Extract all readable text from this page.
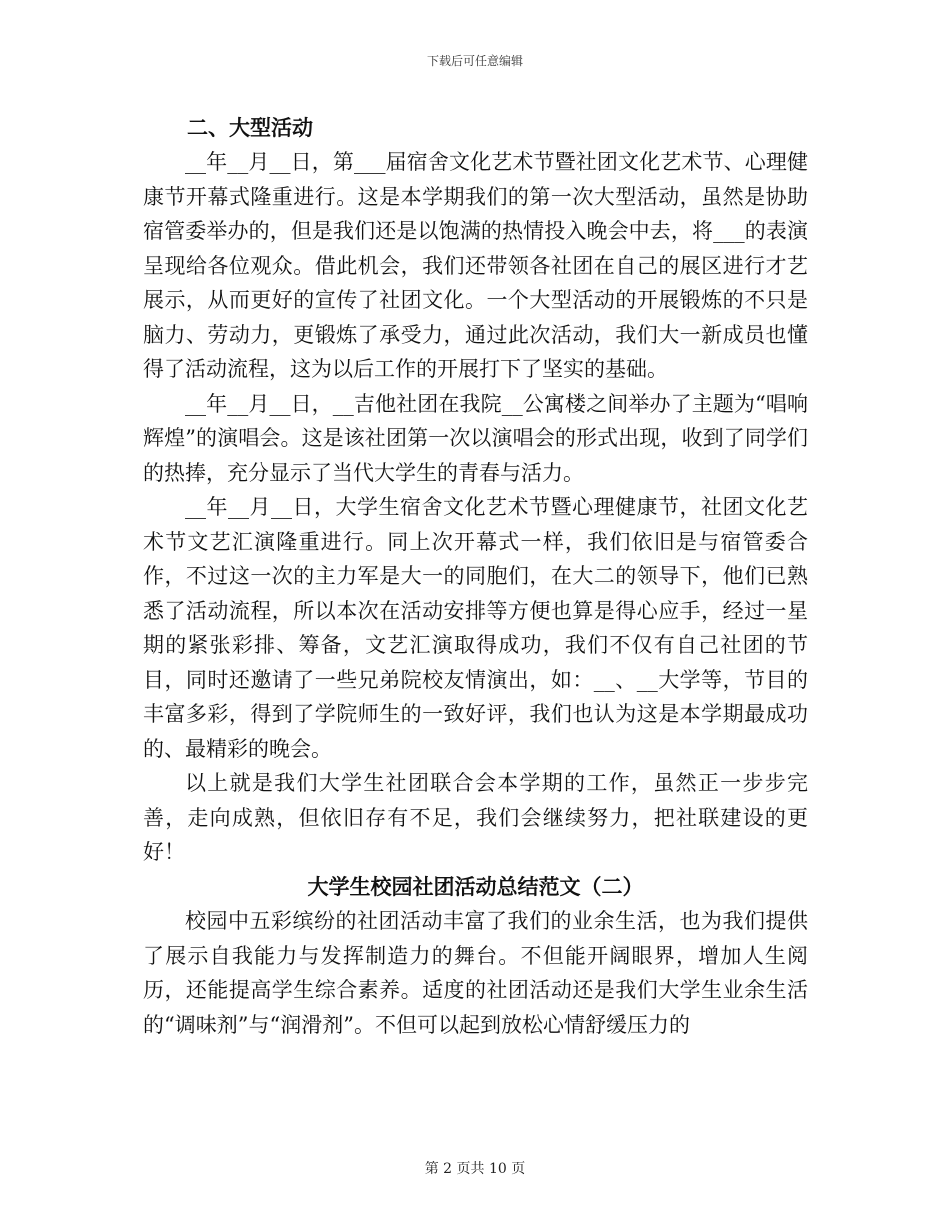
下载后可任意编辑
二、大型活动

__年__月__日，第___届宿舍文化艺术节暨社团文化艺术节、心理健康节开幕式隆重进行。这是本学期我们的第一次大型活动，虽然是协助宿管委举办的，但是我们还是以饱满的热情投入晚会中去，将___的表演呈现给各位观众。借此机会，我们还带领各社团在自己的展区进行才艺展示，从而更好的宣传了社团文化。一个大型活动的开展锻炼的不只是脑力、劳动力，更锻炼了承受力，通过此次活动，我们大一新成员也懂得了活动流程，这为以后工作的开展打下了坚实的基础。

__年__月__日，__吉他社团在我院__公寓楼之间举办了主题为“唱响辉煌”的演唱会。这是该社团第一次以演唱会的形式出现，收到了同学们的热捧，充分显示了当代大学生的青春与活力。

__年__月__日，大学生宿舍文化艺术节暨心理健康节，社团文化艺术节文艺汇演隆重进行。同上次开幕式一样，我们依旧是与宿管委合作，不过这一次的主力军是大一的同胞们，在大二的领导下，他们已熟悉了活动流程，所以本次在活动安排等方便也算是得心应手，经过一星期的紧张彩排、筹备，文艺汇演取得成功，我们不仅有自己社团的节目，同时还邀请了一些兄弟院校友情演出，如：__、__大学等，节目的丰富多彩，得到了学院师生的一致好评，我们也认为这是本学期最成功的、最精彩的晚会。

以上就是我们大学生社团联合会本学期的工作，虽然正一步步完善，走向成熟，但依旧存有不足，我们会继续努力，把社联建设的更好！

大学生校园社团活动总结范文（二）

校园中五彩缤纷的社团活动丰富了我们的业余生活，也为我们提供了展示自我能力与发挥制造力的舞台。不但能开阔眼界，增加人生阅历，还能提高学生综合素养。适度的社团活动还是我们大学生业余生活的“调味剂”与“润滑剂”。不但可以起到放松心情舒缓压力的

第 2 页共 10 页
